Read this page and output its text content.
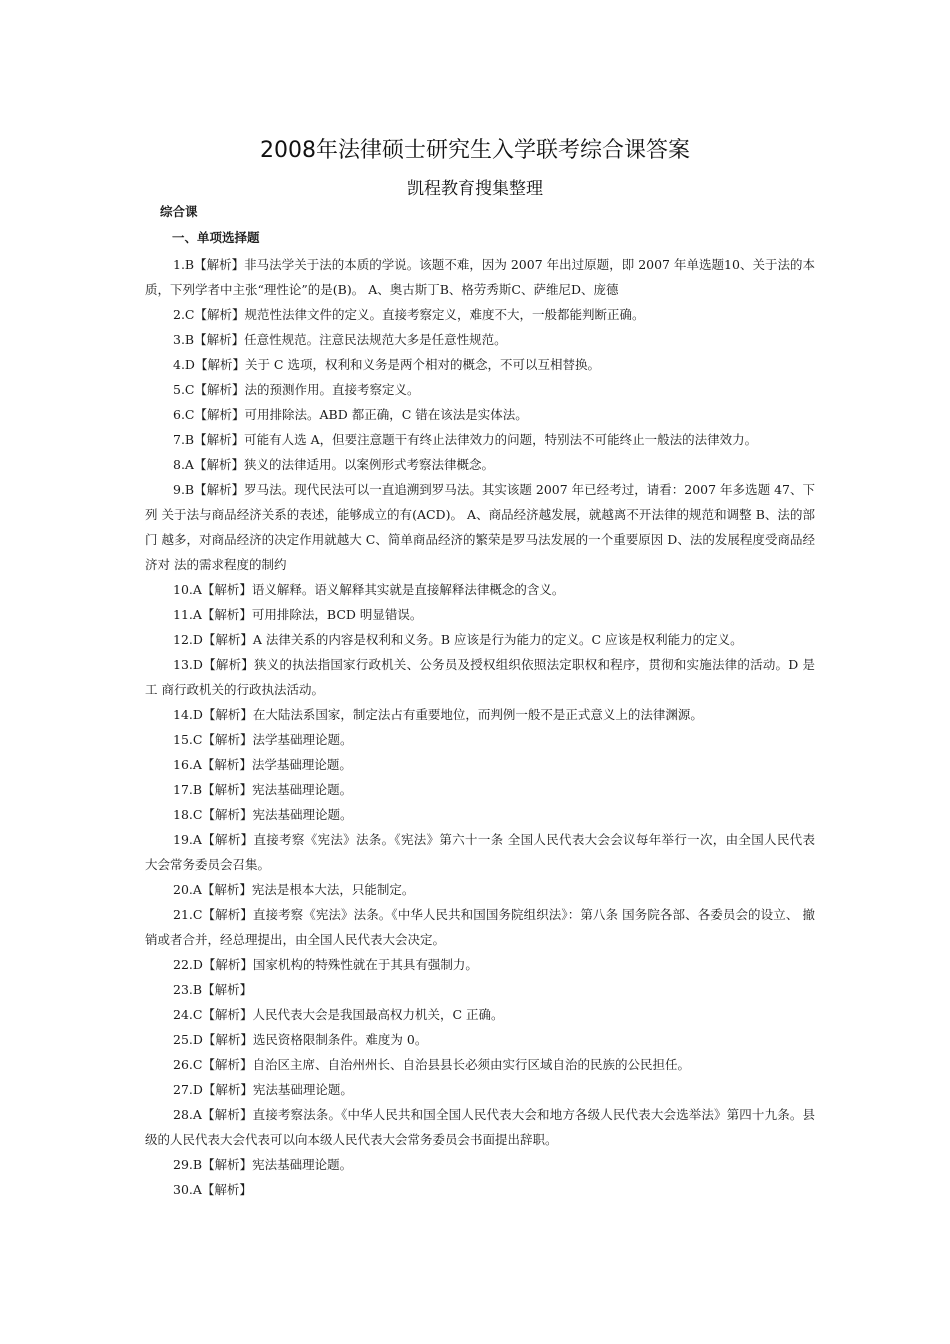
2008年法律硕士研究生入学联考综合课答案
凯程教育搜集整理
综合课
一、单项选择题

1.B【解析】非马法学关于法的本质的学说。该题不难，因为 2007 年出过原题，即 2007 年单选题10、关于法的本质，下列学者中主张“理性论”的是(B)。 A、奥古斯丁B、格劳秀斯C、萨维尼D、庞德

2.C【解析】规范性法律文件的定义。直接考察定义，难度不大，一般都能判断正确。

3.B【解析】任意性规范。注意民法规范大多是任意性规范。

4.D【解析】关于 C 选项，权利和义务是两个相对的概念，不可以互相替换。

5.C【解析】法的预测作用。直接考察定义。

6.C【解析】可用排除法。ABD 都正确，C 错在该法是实体法。

7.B【解析】可能有人选 A，但要注意题干有终止法律效力的问题，特别法不可能终止一般法的法律效力。

8.A【解析】狭义的法律适用。以案例形式考察法律概念。

9.B【解析】罗马法。现代民法可以一直追溯到罗马法。其实该题 2007 年已经考过，请看：2007 年多选题 47、下列 关于法与商品经济关系的表述，能够成立的有(ACD)。 A、商品经济越发展，就越离不开法律的规范和调整 B、法的部门 越多，对商品经济的决定作用就越大 C、简单商品经济的繁荣是罗马法发展的一个重要原因 D、法的发展程度受商品经济对 法的需求程度的制约

10.A【解析】语义解释。语义解释其实就是直接解释法律概念的含义。

11.A【解析】可用排除法，BCD 明显错误。

12.D【解析】A 法律关系的内容是权利和义务。B 应该是行为能力的定义。C 应该是权利能力的定义。

13.D【解析】狭义的执法指国家行政机关、公务员及授权组织依照法定职权和程序，贯彻和实施法律的活动。D 是工 商行政机关的行政执法活动。

14.D【解析】在大陆法系国家，制定法占有重要地位，而判例一般不是正式意义上的法律渊源。

15.C【解析】法学基础理论题。

16.A【解析】法学基础理论题。

17.B【解析】宪法基础理论题。

18.C【解析】宪法基础理论题。

19.A【解析】直接考察《宪法》法条。《宪法》第六十一条 全国人民代表大会会议每年举行一次，由全国人民代表 大会常务委员会召集。

20.A【解析】宪法是根本大法，只能制定。

21.C【解析】直接考察《宪法》法条。《中华人民共和国国务院组织法》：第八条 国务院各部、各委员会的设立、 撤销或者合并，经总理提出，由全国人民代表大会决定。

22.D【解析】国家机构的特殊性就在于其具有强制力。

23.B【解析】

24.C【解析】人民代表大会是我国最高权力机关，C 正确。

25.D【解析】选民资格限制条件。难度为 0。

26.C【解析】自治区主席、自治州州长、自治县县长必须由实行区域自治的民族的公民担任。

27.D【解析】宪法基础理论题。

28.A【解析】直接考察法条。《中华人民共和国全国人民代表大会和地方各级人民代表大会选举法》第四十九条。县级的人民代表大会代表可以向本级人民代表大会常务委员会书面提出辞职。

29.B【解析】宪法基础理论题。

30.A【解析】
